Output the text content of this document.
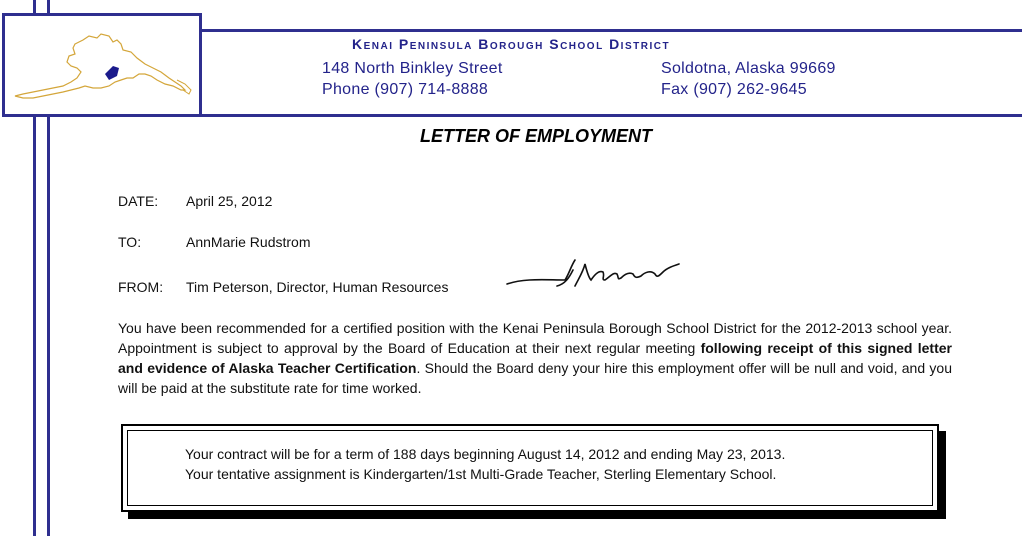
Kenai Peninsula Borough School District
148 North Binkley Street	Soldotna, Alaska 99669
Phone (907) 714-8888	Fax (907) 262-9645
LETTER OF EMPLOYMENT
DATE: April 25, 2012
TO:	AnnMarie Rudstrom
FROM: Tim Peterson, Director, Human Resources
You have been recommended for a certified position with the Kenai Peninsula Borough School District for the 2012-2013 school year. Appointment is subject to approval by the Board of Education at their next regular meeting following receipt of this signed letter and evidence of Alaska Teacher Certification. Should the Board deny your hire this employment offer will be null and void, and you will be paid at the substitute rate for time worked.
Your contract will be for a term of 188 days beginning August 14, 2012 and ending May 23, 2013.
Your tentative assignment is Kindergarten/1st Multi-Grade Teacher, Sterling Elementary School.
